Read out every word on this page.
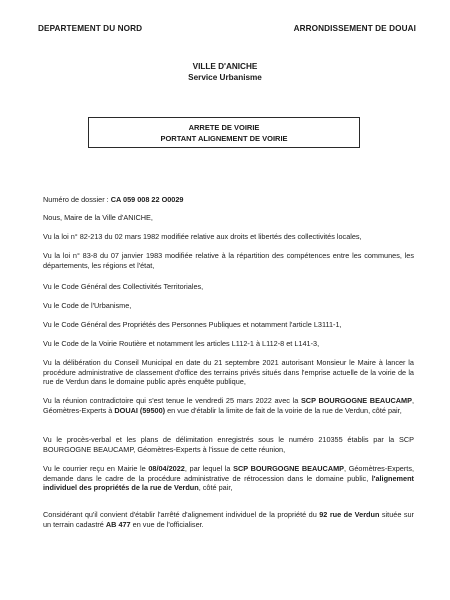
DEPARTEMENT DU NORD	ARRONDISSEMENT DE DOUAI
VILLE D'ANICHE
Service Urbanisme
ARRETE DE VOIRIE
PORTANT ALIGNEMENT DE VOIRIE
Numéro de dossier : CA 059 008 22 O0029
Nous, Maire de la Ville d'ANICHE,
Vu la loi n° 82-213 du 02 mars 1982 modifiée relative aux droits et libertés des collectivités locales,
Vu la loi n° 83-8 du 07 janvier 1983 modifiée relative à la répartition des compétences entre les communes, les départements, les régions et l'état,
Vu le Code Général des Collectivités Territoriales,
Vu le Code de l'Urbanisme,
Vu le Code Général des Propriétés des Personnes Publiques et notamment l'article L3111-1,
Vu le Code de la Voirie Routière et notamment les articles L112-1 à L112-8 et L141-3,
Vu la délibération du Conseil Municipal en date du 21 septembre 2021 autorisant Monsieur le Maire à lancer la procédure administrative de classement d'office des terrains privés situés dans l'emprise actuelle de la voirie de la rue de Verdun dans le domaine public après enquête publique,
Vu la réunion contradictoire qui s'est tenue le vendredi 25 mars 2022 avec la SCP BOURGOGNE BEAUCAMP, Géomètres-Experts à DOUAI (59500) en vue d'établir la limite de fait de la voirie de la rue de Verdun, côté pair,
Vu le procès-verbal et les plans de délimitation enregistrés sous le numéro 210355 établis par la SCP BOURGOGNE BEAUCAMP, Géomètres-Experts à l'issue de cette réunion,
Vu le courrier reçu en Mairie le 08/04/2022, par lequel la SCP BOURGOGNE BEAUCAMP, Géomètres-Experts, demande dans le cadre de la procédure administrative de rétrocession dans le domaine public, l'alignement individuel des propriétés de la rue de Verdun, côté pair,
Considérant qu'il convient d'établir l'arrêté d'alignement individuel de la propriété du 92 rue de Verdun située sur un terrain cadastré AB 477 en vue de l'officialiser.
